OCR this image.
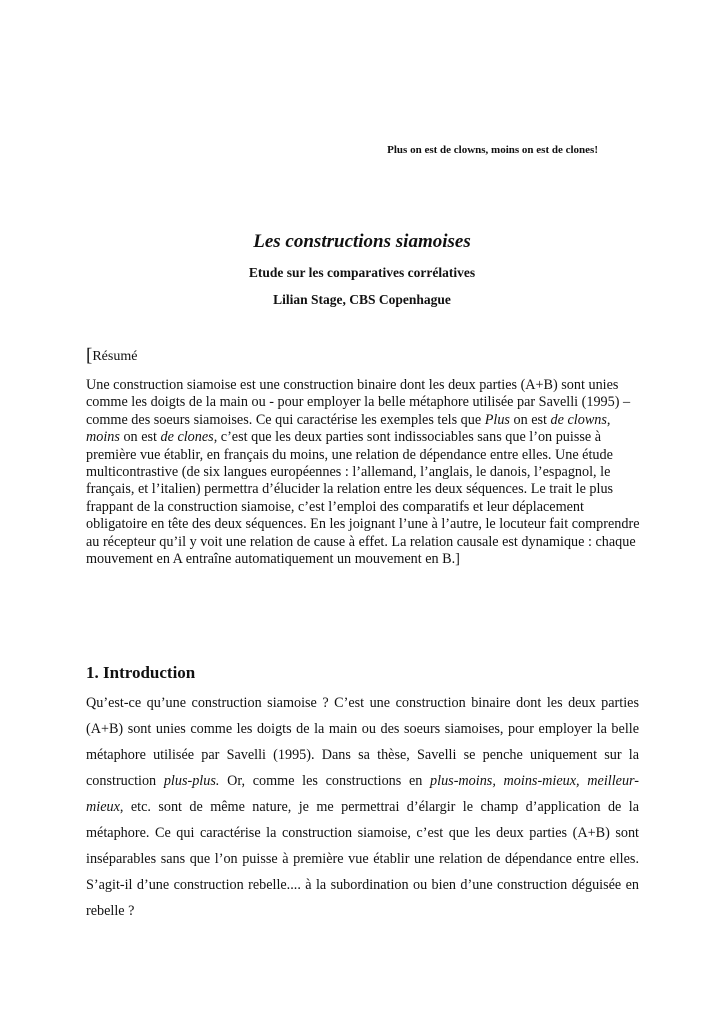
Plus on est de clowns, moins on est de clones!

Les constructions siamoises

Etude sur les comparatives corrélatives

Lilian Stage, CBS Copenhague

[Résumé

Une construction siamoise est une construction binaire dont les deux parties (A+B) sont unies comme les doigts de la main ou - pour employer la belle métaphore utilisée par Savelli (1995) – comme des soeurs siamoises. Ce qui caractérise les exemples tels que Plus on est de clowns, moins on est de clones, c’est que les deux parties sont indissociables sans que l’on puisse à première vue établir, en français du moins, une relation de dépendance entre elles. Une étude multicontrastive (de six langues européennes : l’allemand, l’anglais, le danois, l’espagnol, le français, et l’italien) permettra d’élucider la relation entre les deux séquences. Le trait le plus frappant de la construction siamoise, c’est l’emploi des comparatifs et leur déplacement obligatoire en tête des deux séquences. En les joignant l’une à l’autre, le locuteur fait comprendre au récepteur qu’il y voit une relation de cause à effet. La relation causale est dynamique : chaque mouvement en A entraîne automatiquement un mouvement en B.]

1. Introduction

Qu’est-ce qu’une construction siamoise ? C’est une construction binaire dont les deux parties (A+B) sont unies comme les doigts de la main ou des soeurs siamoises, pour employer la belle métaphore utilisée par Savelli (1995). Dans sa thèse, Savelli se penche uniquement sur la construction plus-plus. Or, comme les constructions en plus-moins, moins-mieux, meilleur-mieux, etc. sont de même nature, je me permettrai d’élargir le champ d’application de la métaphore. Ce qui caractérise la construction siamoise, c’est que les deux parties (A+B) sont inséparables sans que l’on puisse à première vue établir une relation de dépendance entre elles. S’agit-il d’une construction rebelle.... à la subordination ou bien d’une construction déguisée en rebelle ?
